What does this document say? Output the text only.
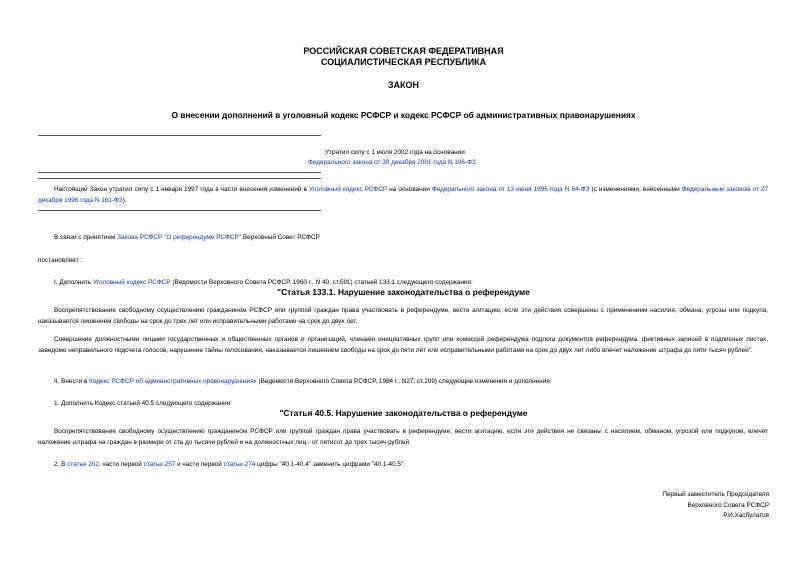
РОССИЙСКАЯ СОВЕТСКАЯ ФЕДЕРАТИВНАЯ
СОЦИАЛИСТИЧЕСКАЯ РЕСПУБЛИКА
ЗАКОН
О внесении дополнений в уголовный кодекс РСФСР и кодекс РСФСР об административных правонарушениях
Утратил силу с 1 июля 2002 года на основании
Федерального закона от 30 декабря 2001 года N 196-ФЗ
Настоящий Закон утратил силу с 1 января 1997 года в части внесения изменений в Уголовный кодекс РСФСР на основании Федерального закона от 13 июня 1996 года N 64-ФЗ (с изменениями, внесенными Федеральным законом от 27 декабря 1996 года N 161-ФЗ).
В связи с принятием Закона РСФСР "О референдуме РСФСР" Верховный Совет РСФСР
постановляет :
I. Дополнить Уголовный кодекс РСФСР (Ведомости Верховного Совета РСФСР, 1960 г., N 40, ст.591) статьей 133.1 следующего содержания:
"Статья 133.1. Нарушение законодательства о референдуме
Воспрепятствование свободному осуществлению гражданином РСФСР или группой граждан права участвовать в референдуме, вести агитацию, если эти действия совершены с применением насилия, обмана, угрозы или подкупа, наказывается лишением свободы на срок до трех лет или исправительными работами на срок до двух лет.
Совершение должностными лицами государственных и общественных органов и организаций, членами инициативных групп или комиссий референдума подлога документов референдума, фиктивных записей в подписных листах, заведомо неправильного подсчета голосов, нарушение тайны голосования, наказывается лишением свободы на срок до пяти лет или исправительными работами на срок до двух лет либо влечет наложение штрафа до пяти тысяч рублей".
II. Внести в Кодекс РСФСР об административных правонарушениях (Ведомости Верховного Совета РСФСР, 1984 г., N27, ст.209) следующие изменения и дополнения:
1. Дополнить Кодекс статьей 40.5 следующего содержания:
"Статья 40.5. Нарушение законодательства о референдуме
Воспрепятствование свободному осуществлению гражданином РСФСР или группой граждан права участвовать в референдуме, вести агитацию, если эти действия не связаны с насилием, обманом, угрозой или подкупом, влечет наложение штрафа на граждан в размере от ста до тысячи рублей и на должностных лиц - от пятисот до трех тысяч рублей.
2. В статье 202, части первой статьи 257 и части первой статьи 274 цифры "40.1-40.4" заменить цифрами "40.1-40.5".
Первый заместитель Председателя
Верховного Совета РСФСР
Р.И.Хасбулатов
